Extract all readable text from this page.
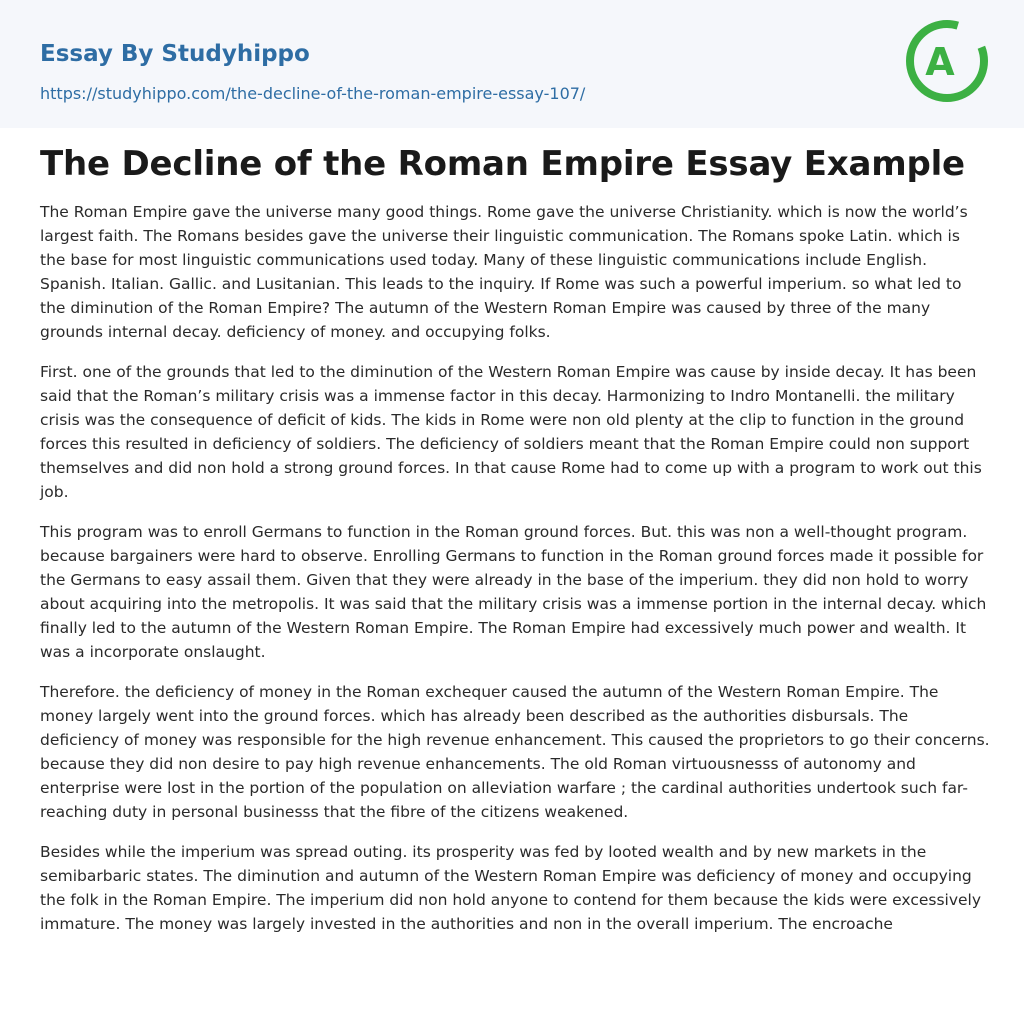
Essay By Studyhippo
https://studyhippo.com/the-decline-of-the-roman-empire-essay-107/
A
The Decline of the Roman Empire Essay Example

The Roman Empire gave the universe many good things. Rome gave the universe Christianity. which is now the world’s largest faith. The Romans besides gave the universe their linguistic communication. The Romans spoke Latin. which is the base for most linguistic communications used today. Many of these linguistic communications include English. Spanish. Italian. Gallic. and Lusitanian. This leads to the inquiry. If Rome was such a powerful imperium. so what led to the diminution of the Roman Empire? The autumn of the Western Roman Empire was caused by three of the many grounds internal decay. deficiency of money. and occupying folks.

First. one of the grounds that led to the diminution of the Western Roman Empire was cause by inside decay. It has been said that the Roman’s military crisis was a immense factor in this decay. Harmonizing to Indro Montanelli. the military crisis was the consequence of deficit of kids. The kids in Rome were non old plenty at the clip to function in the ground forces this resulted in deficiency of soldiers. The deficiency of soldiers meant that the Roman Empire could non support themselves and did non hold a strong ground forces. In that cause Rome had to come up with a program to work out this job.

This program was to enroll Germans to function in the Roman ground forces. But. this was non a well-thought program. because bargainers were hard to observe. Enrolling Germans to function in the Roman ground forces made it possible for the Germans to easy assail them. Given that they were already in the base of the imperium. they did non hold to worry about acquiring into the metropolis. It was said that the military crisis was a immense portion in the internal decay. which finally led to the autumn of the Western Roman Empire. The Roman Empire had excessively much power and wealth. It was a incorporate onslaught.

Therefore. the deficiency of money in the Roman exchequer caused the autumn of the Western Roman Empire. The money largely went into the ground forces. which has already been described as the authorities disbursals. The deficiency of money was responsible for the high revenue enhancement. This caused the proprietors to go their concerns. because they did non desire to pay high revenue enhancements. The old Roman virtuousnesss of autonomy and enterprise were lost in the portion of the population on alleviation warfare ; the cardinal authorities undertook such far-reaching duty in personal businesss that the fibre of the citizens weakened.

Besides while the imperium was spread outing. its prosperity was fed by looted wealth and by new markets in the semibarbaric states. The diminution and autumn of the Western Roman Empire was deficiency of money and occupying the folk in the Roman Empire. The imperium did non hold anyone to contend for them because the kids were excessively immature. The money was largely invested in the authorities and non in the overall imperium. The encroache
